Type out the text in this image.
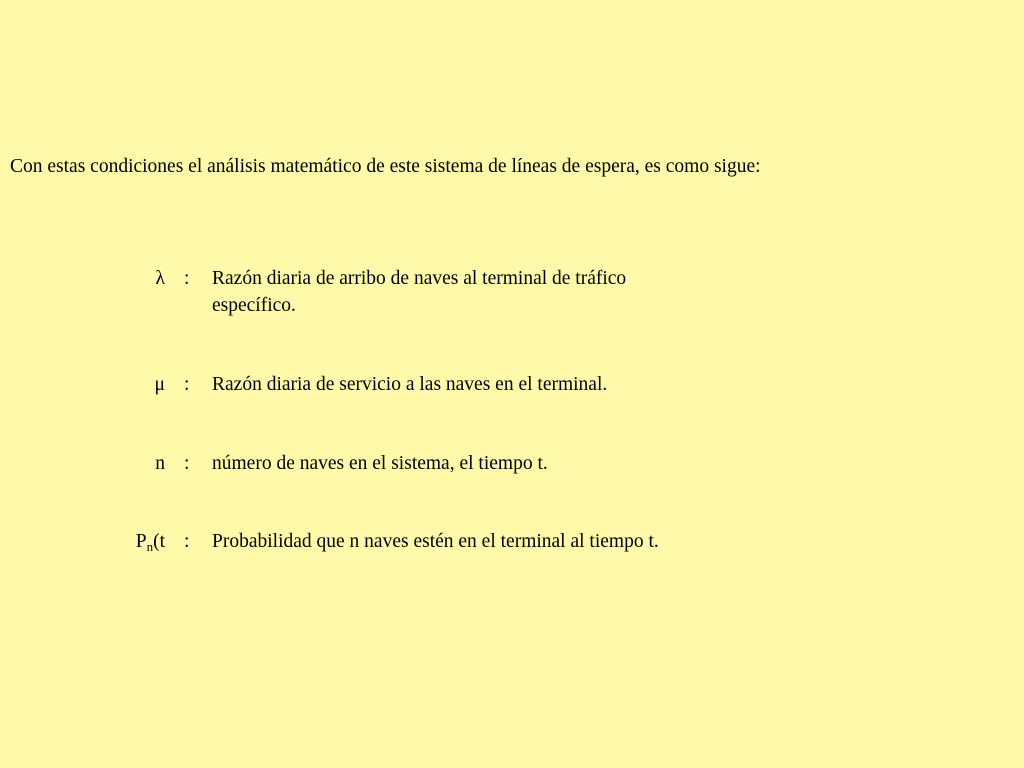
Con estas condiciones el análisis matemático de este sistema de líneas de espera, es como sigue:
λ : Razón diaria de arribo de naves al terminal de tráfico específico.
μ : Razón diaria de servicio a las naves en el terminal.
n : número de naves en el sistema, el tiempo t.
$P_n(t$ : Probabilidad que n naves estén en el terminal al tiempo t.
